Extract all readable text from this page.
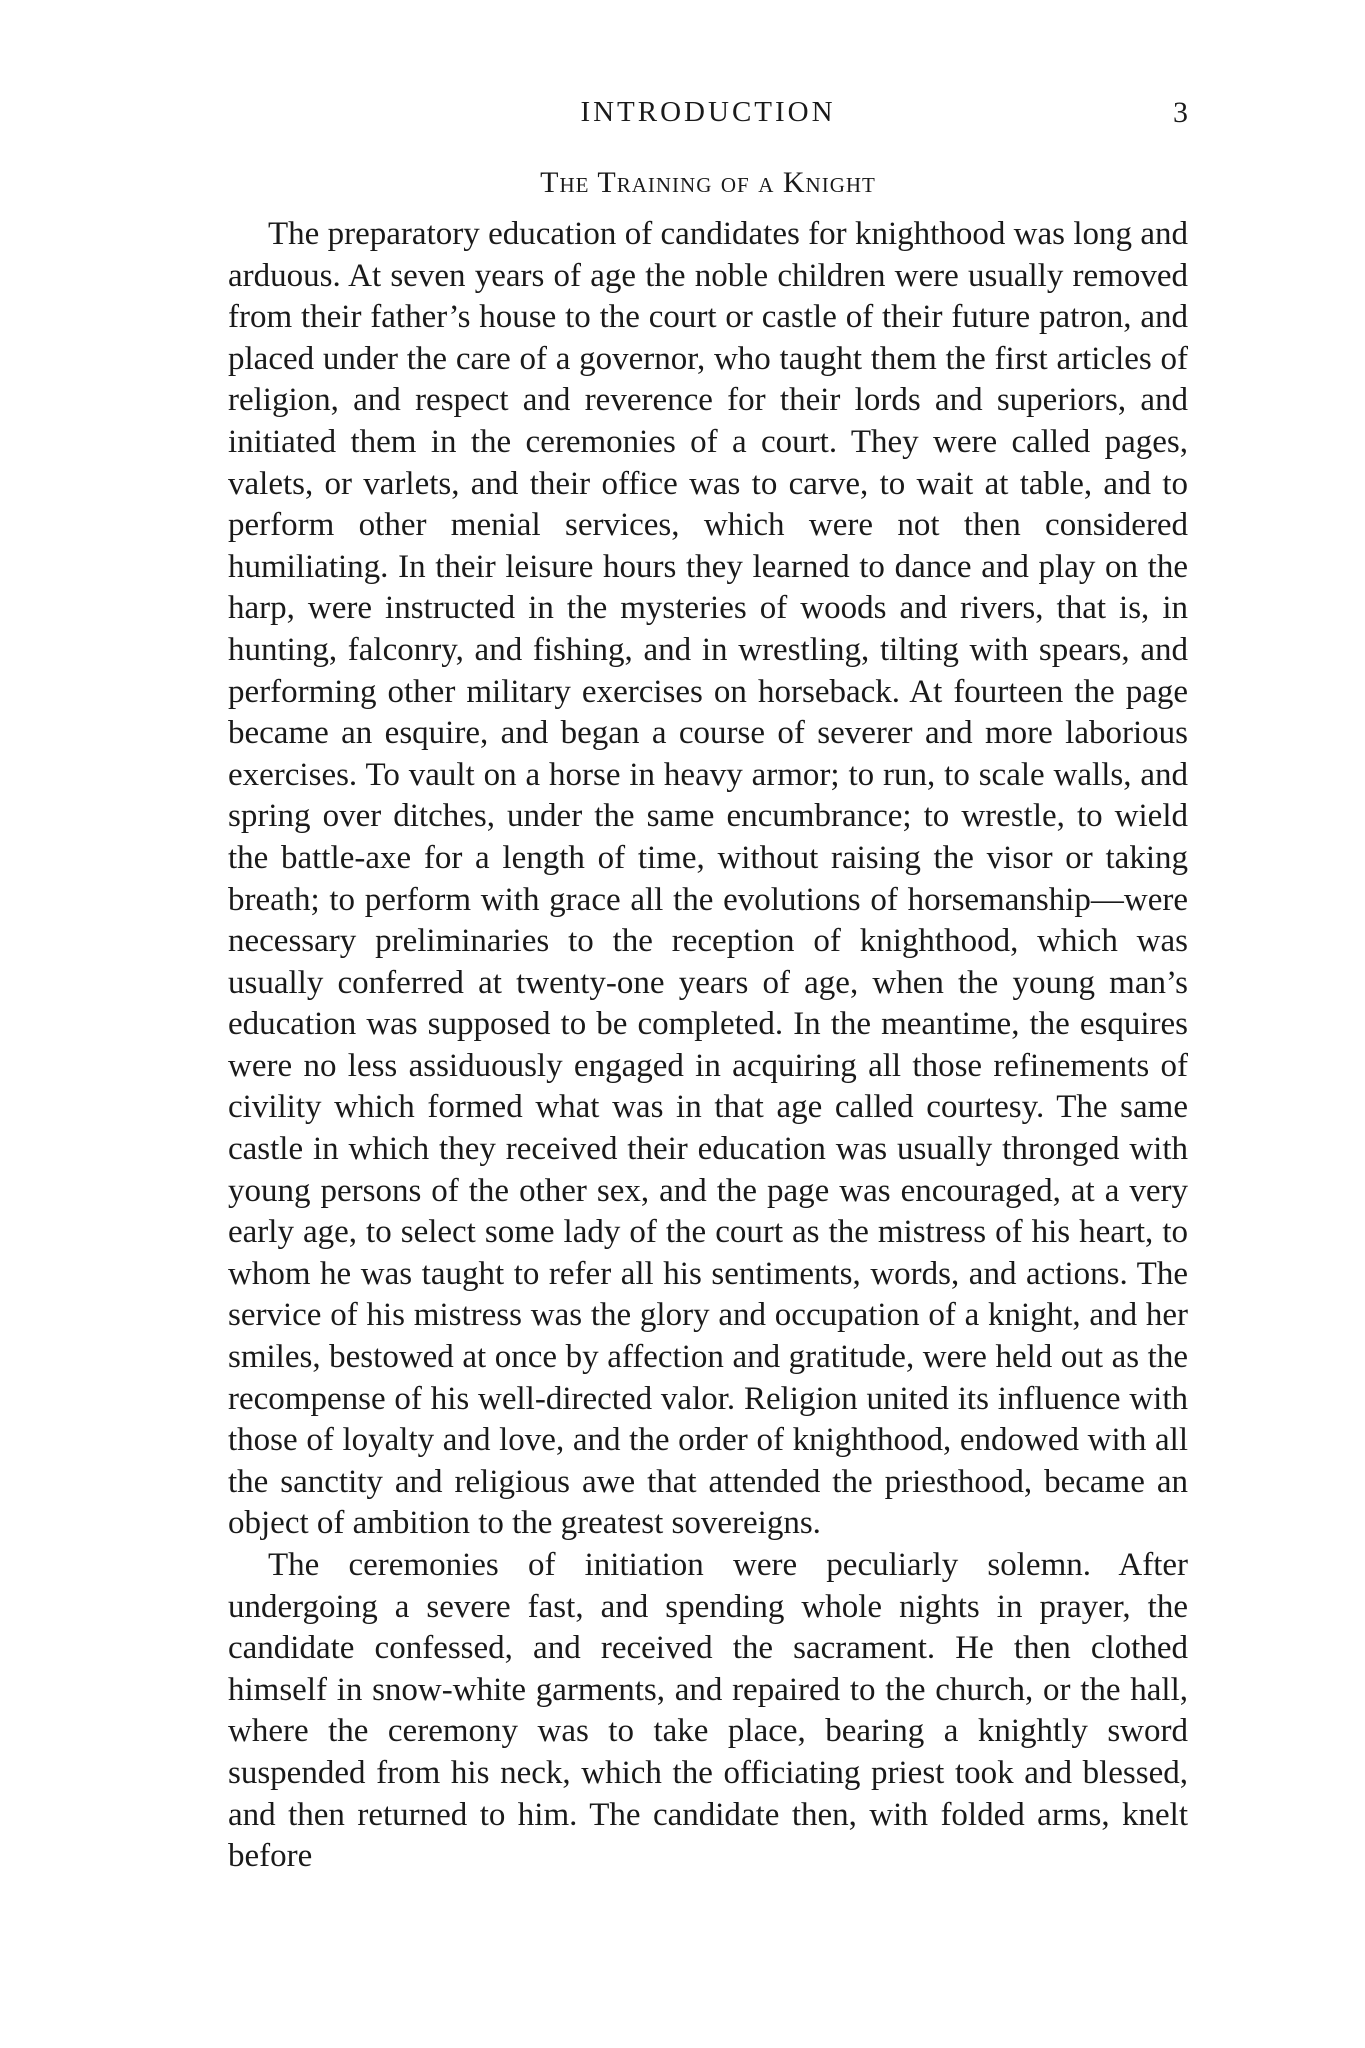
INTRODUCTION	3
The Training of a Knight

The preparatory education of candidates for knighthood was long and arduous. At seven years of age the noble children were usually removed from their father’s house to the court or castle of their future patron, and placed under the care of a governor, who taught them the first articles of religion, and respect and reverence for their lords and superiors, and initiated them in the ceremonies of a court. They were called pages, valets, or varlets, and their office was to carve, to wait at table, and to perform other menial services, which were not then considered humiliating. In their leisure hours they learned to dance and play on the harp, were instructed in the mysteries of woods and rivers, that is, in hunting, falconry, and fishing, and in wrestling, tilting with spears, and performing other military exercises on horseback. At fourteen the page became an esquire, and began a course of severer and more laborious exercises. To vault on a horse in heavy armor; to run, to scale walls, and spring over ditches, under the same encumbrance; to wrestle, to wield the battle-axe for a length of time, without raising the visor or taking breath; to perform with grace all the evolutions of horsemanship—were necessary preliminaries to the reception of knighthood, which was usually conferred at twenty-one years of age, when the young man’s education was supposed to be completed. In the meantime, the esquires were no less assiduously engaged in acquiring all those refinements of civility which formed what was in that age called courtesy. The same castle in which they received their education was usually thronged with young persons of the other sex, and the page was encouraged, at a very early age, to select some lady of the court as the mistress of his heart, to whom he was taught to refer all his sentiments, words, and actions. The service of his mistress was the glory and occupation of a knight, and her smiles, bestowed at once by affection and gratitude, were held out as the recompense of his well-directed valor. Religion united its influence with those of loyalty and love, and the order of knighthood, endowed with all the sanctity and religious awe that attended the priesthood, became an object of ambition to the greatest sovereigns.

The ceremonies of initiation were peculiarly solemn. After undergoing a severe fast, and spending whole nights in prayer, the candidate confessed, and received the sacrament. He then clothed himself in snow-white garments, and repaired to the church, or the hall, where the ceremony was to take place, bearing a knightly sword suspended from his neck, which the officiating priest took and blessed, and then returned to him. The candidate then, with folded arms, knelt before
